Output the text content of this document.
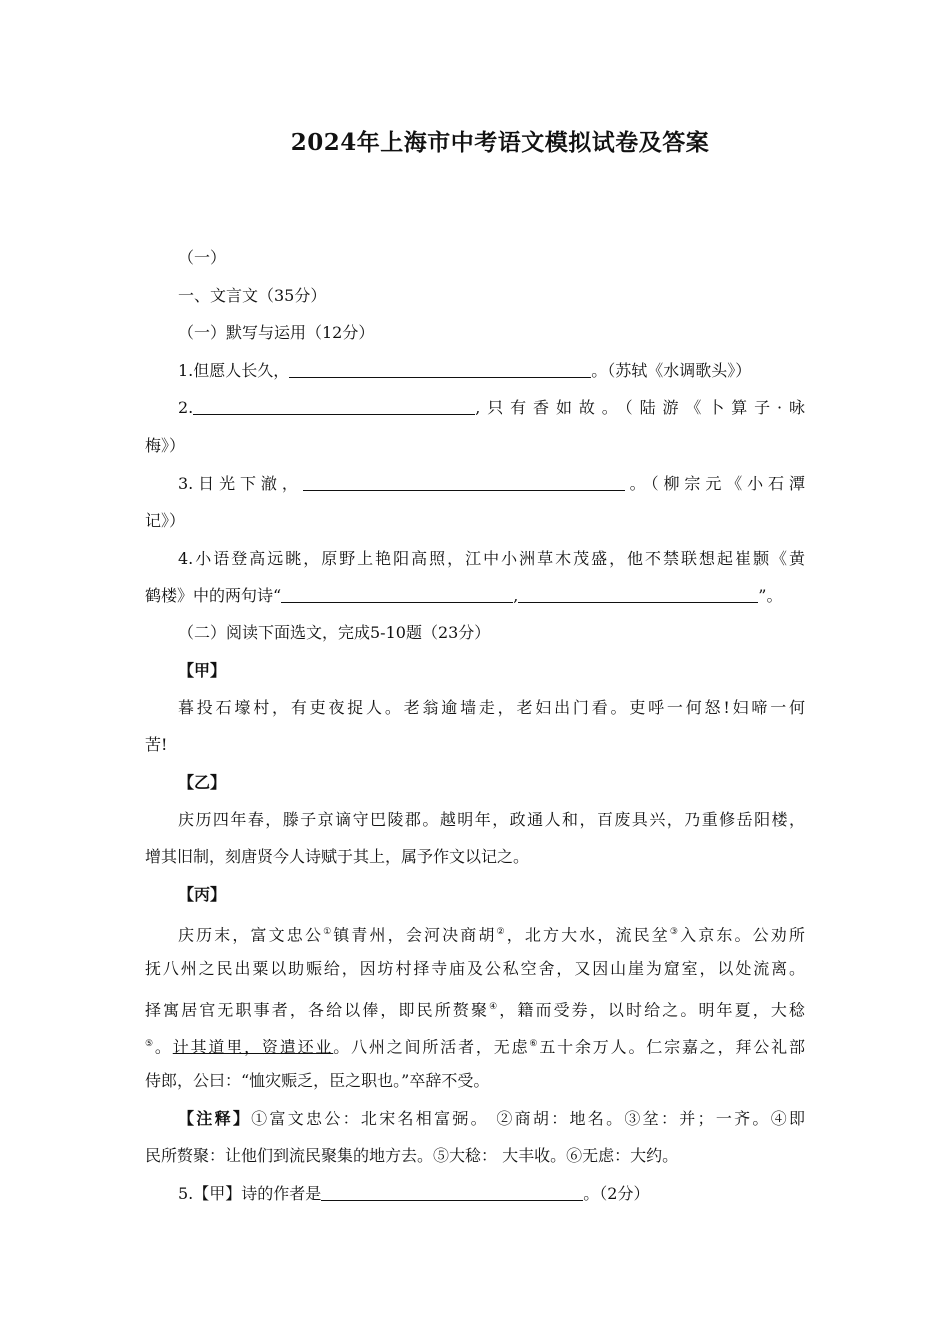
2024年上海市中考语文模拟试卷及答案
（一）
一、文言文（35分）
（一）默写与运用（12分）
1.但愿人长久，	。（苏轼《水调歌头》）
2.	,只有香如故。（陆游《卜算子·咏
梅》）
3.日光下澈，	。（柳宗元《小石潭
记》）
4.小语登高远眺，原野上艳阳高照，江中小洲草木茂盛，他不禁联想起崔颢《黄
鹤楼》中的两句诗“	,	”。
（二）阅读下面选文，完成5-10题（23分）
【甲】
暮投石壕村，有吏夜捉人。老翁逾墙走，老妇出门看。吏呼一何怒!妇啼一何
苦!
【乙】
庆历四年春，滕子京谪守巴陵郡。越明年，政通人和，百废具兴，乃重修岳阳楼，
增其旧制，刻唐贤今人诗赋于其上，属予作文以记之。
【丙】
庆历末，富文忠公①镇青州，会河决商胡②，北方大水，流民坌③入京东。公劝所
抚八州之民出粟以助赈给，因坊村择寺庙及公私空舍，又因山崖为窟室，以处流离。
择寓居官无职事者，各给以俸，即民所赘聚④，籍而受券，以时给之。明年夏，大稔
⑤。计其道里，资遣还业。八州之间所活者，无虑⑥五十余万人。仁宗嘉之，拜公礼部
侍郎，公曰：“恤灾赈乏，臣之职也。”卒辞不受。
【注释】①富文忠公：北宋名相富弼。 ②商胡：地名。③坌：并；一齐。④即
民所赘聚：让他们到流民聚集的地方去。⑤大稔： 大丰收。⑥无虑：大约。
5.【甲】诗的作者是	。（2分）
